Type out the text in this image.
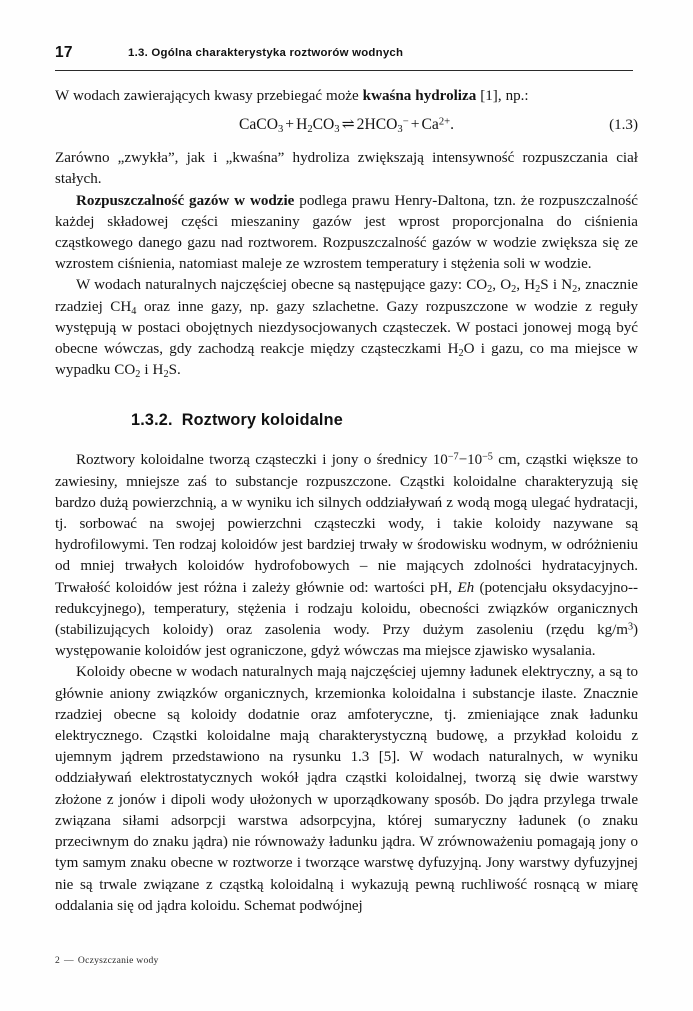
17	1.3. Ogólna charakterystyka roztworów wodnych

W wodach zawierających kwasy przebiegać może kwaśna hydroliza [1], np.:

CaCO$_3$ + $H_2CO_3$ ⇌ $2HCO_3^- + Ca^{2+}$.	(1.3)

Zarówno „zwykła”, jak i „kwaśna” hydroliza zwiększają intensywność rozpuszczania ciał stałych.

Rozpuszczalność gazów w wodzie podlega prawu Henry-Daltona, tzn. że rozpuszczalność każdej składowej części mieszaniny gazów jest wprost proporcjonalna do ciśnienia cząstkowego danego gazu nad roztworem. Rozpuszczalność gazów w wodzie zwiększa się ze wzrostem ciśnienia, natomiast maleje ze wzrostem temperatury i stężenia soli w wodzie.

W wodach naturalnych najczęściej obecne są następujące gazy: $CO_2$, $O_2$, $H_2S$ i $N_2$, znacznie rzadziej $CH_4$ oraz inne gazy, np. gazy szlachetne. Gazy rozpuszczone w wodzie z reguły występują w postaci obojętnych niezdysocjowanych cząsteczek. W postaci jonowej mogą być obecne wówczas, gdy zachodzą reakcje między cząsteczkami $H_2O$ i gazu, co ma miejsce w wypadku $CO_2$ i $H_2S$.

1.3.2. Roztwory koloidalne

Roztwory koloidalne tworzą cząsteczki i jony o średnicy $10^{-7}-10^{-5}$ cm, cząstki większe to zawiesiny, mniejsze zaś to substancje rozpuszczone. Cząstki koloidalne charakteryzują się bardzo dużą powierzchnią, a w wyniku ich silnych oddziaływań z wodą mogą ulegać hydratacji, tj. sorbować na swojej powierzchni cząsteczki wody, i takie koloidy nazywane są hydrofilowymi. Ten rodzaj koloidów jest bardziej trwały w środowisku wodnym, w odróżnieniu od mniej trwałych koloidów hydrofobowych – nie mających zdolności hydratacyjnych. Trwałość koloidów jest różna i zależy głównie od: wartości pH, Eh (potencjału oksydacyjno--redukcyjnego), temperatury, stężenia i rodzaju koloidu, obecności związków organicznych (stabilizujących koloidy) oraz zasolenia wody. Przy dużym zasoleniu (rzędu $kg/m^3$) występowanie koloidów jest ograniczone, gdyż wówczas ma miejsce zjawisko wysalania.

Koloidy obecne w wodach naturalnych mają najczęściej ujemny ładunek elektryczny, a są to głównie aniony związków organicznych, krzemionka koloidalna i substancje ilaste. Znacznie rzadziej obecne są koloidy dodatnie oraz amfoteryczne, tj. zmieniające znak ładunku elektrycznego. Cząstki koloidalne mają charakterystyczną budowę, a przykład koloidu z ujemnym jądrem przedstawiono na rysunku 1.3 [5]. W wodach naturalnych, w wyniku oddziaływań elektrostatycznych wokół jądra cząstki koloidalnej, tworzą się dwie warstwy złożone z jonów i dipoli wody ułożonych w uporządkowany sposób. Do jądra przylega trwale związana siłami adsorpcji warstwa adsorpcyjna, której sumaryczny ładunek (o znaku przeciwnym do znaku jądra) nie równoważy ładunku jądra. W zrównoważeniu pomagają jony o tym samym znaku obecne w roztworze i tworzące warstwę dyfuzyjną. Jony warstwy dyfuzyjnej nie są trwale związane z cząstką koloidalną i wykazują pewną ruchliwość rosnącą w miarę oddalania się od jądra koloidu. Schemat podwójnej

2 — Oczyszczanie wody
